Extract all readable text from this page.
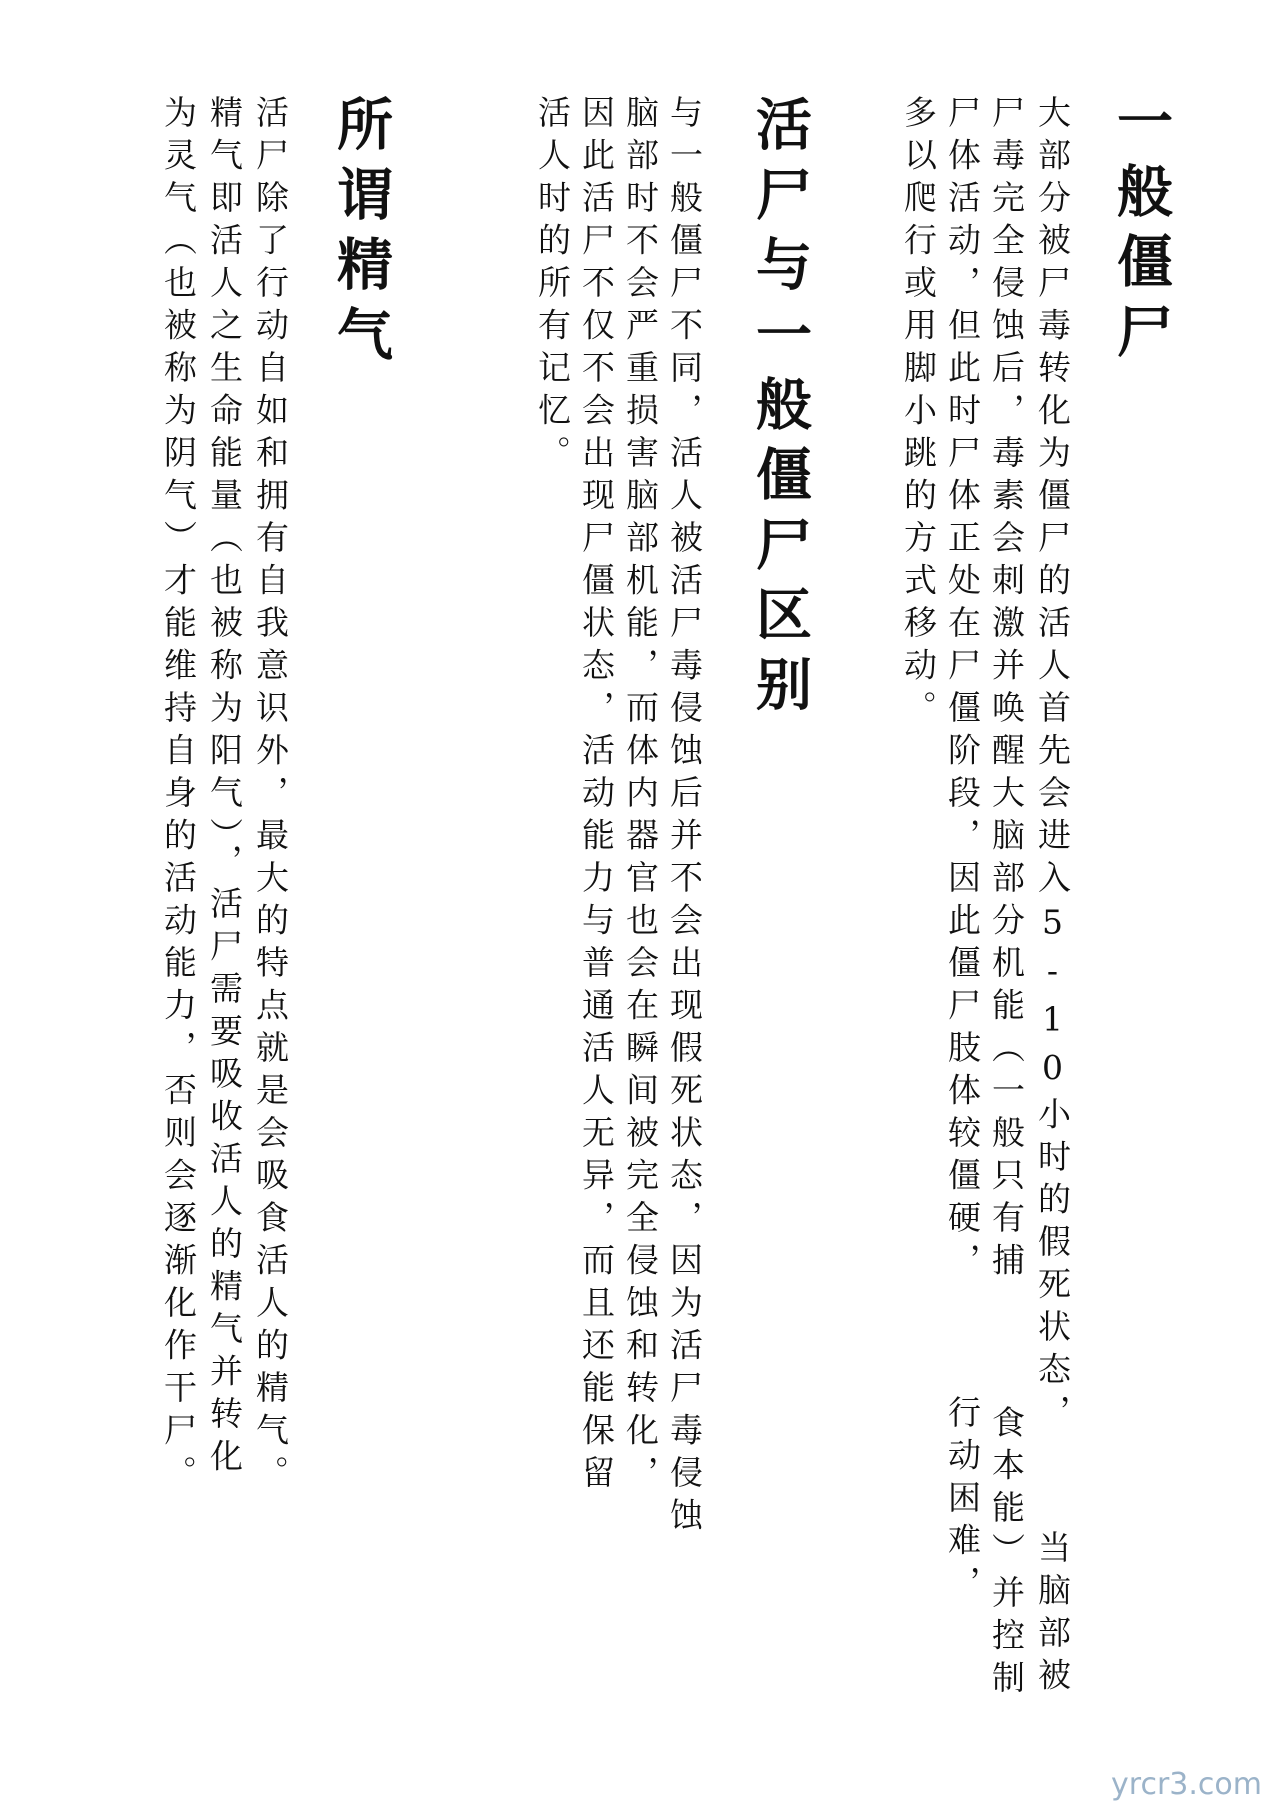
一般僵尸
大部分被尸毒转化为僵尸的活人首先会进入5-10小时的假死状态，
尸毒完全侵蚀后，毒素会刺激并唤醒大脑部分机能（一般只有捕
尸体活动，但此时尸体正处在尸僵阶段，因此僵尸肢体较僵硬，
多以爬行或用脚小跳的方式移动。
当脑部被
食本能）并控制
行动困难，
活尸与一般僵尸区别
与一般僵尸不同，活人被活尸毒侵蚀后并不会出现假死状态，因为活尸毒侵蚀
脑部时不会严重损害脑部机能，而体内器官也会在瞬间被完全侵蚀和转化，
因此活尸不仅不会出现尸僵状态，活动能力与普通活人无异，而且还能保留
活人时的所有记忆。
所谓精气
活尸除了行动自如和拥有自我意识外，最大的特点就是会吸食活人的精气。
精气即活人之生命能量（也被称为阳气），活尸需要吸收活人的精气并转化
为灵气（也被称为阴气）才能维持自身的活动能力，否则会逐渐化作干尸。
yrcr3.com
